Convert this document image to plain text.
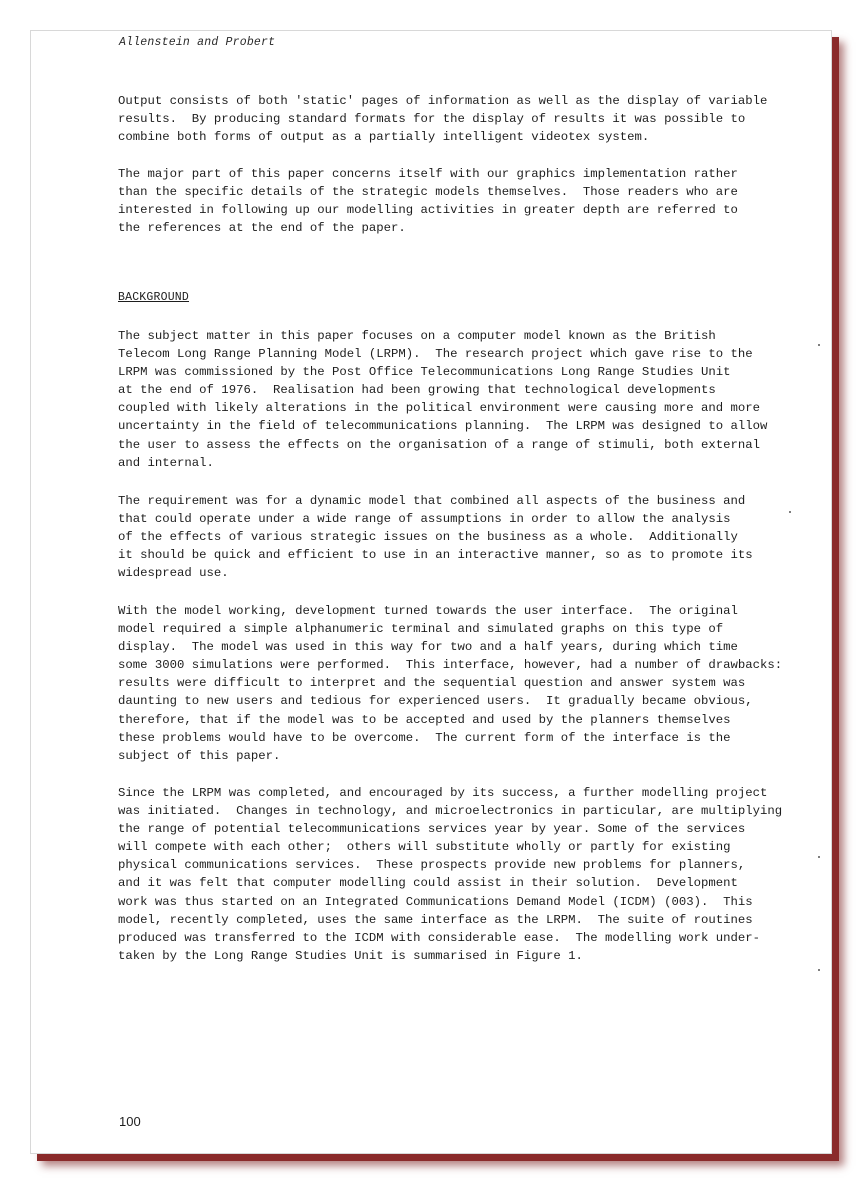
Allenstein and Probert

Output consists of both 'static' pages of information as well as the display of variable
results.  By producing standard formats for the display of results it was possible to
combine both forms of output as a partially intelligent videotex system.

The major part of this paper concerns itself with our graphics implementation rather
than the specific details of the strategic models themselves.  Those readers who are
interested in following up our modelling activities in greater depth are referred to
the references at the end of the paper.

BACKGROUND

The subject matter in this paper focuses on a computer model known as the British
Telecom Long Range Planning Model (LRPM).  The research project which gave rise to the
LRPM was commissioned by the Post Office Telecommunications Long Range Studies Unit
at the end of 1976.  Realisation had been growing that technological developments
coupled with likely alterations in the political environment were causing more and more
uncertainty in the field of telecommunications planning.  The LRPM was designed to allow
the user to assess the effects on the organisation of a range of stimuli, both external
and internal.

The requirement was for a dynamic model that combined all aspects of the business and
that could operate under a wide range of assumptions in order to allow the analysis
of the effects of various strategic issues on the business as a whole.  Additionally
it should be quick and efficient to use in an interactive manner, so as to promote its
widespread use.

With the model working, development turned towards the user interface.  The original
model required a simple alphanumeric terminal and simulated graphs on this type of
display.  The model was used in this way for two and a half years, during which time
some 3000 simulations were performed.  This interface, however, had a number of drawbacks:
results were difficult to interpret and the sequential question and answer system was
daunting to new users and tedious for experienced users.  It gradually became obvious,
therefore, that if the model was to be accepted and used by the planners themselves
these problems would have to be overcome.  The current form of the interface is the
subject of this paper.

Since the LRPM was completed, and encouraged by its success, a further modelling project
was initiated.  Changes in technology, and microelectronics in particular, are multiplying
the range of potential telecommunications services year by year. Some of the services
will compete with each other;  others will substitute wholly or partly for existing
physical communications services.  These prospects provide new problems for planners,
and it was felt that computer modelling could assist in their solution.  Development
work was thus started on an Integrated Communications Demand Model (ICDM) (003).  This
model, recently completed, uses the same interface as the LRPM.  The suite of routines
produced was transferred to the ICDM with considerable ease.  The modelling work under-
taken by the Long Range Studies Unit is summarised in Figure 1.

100
